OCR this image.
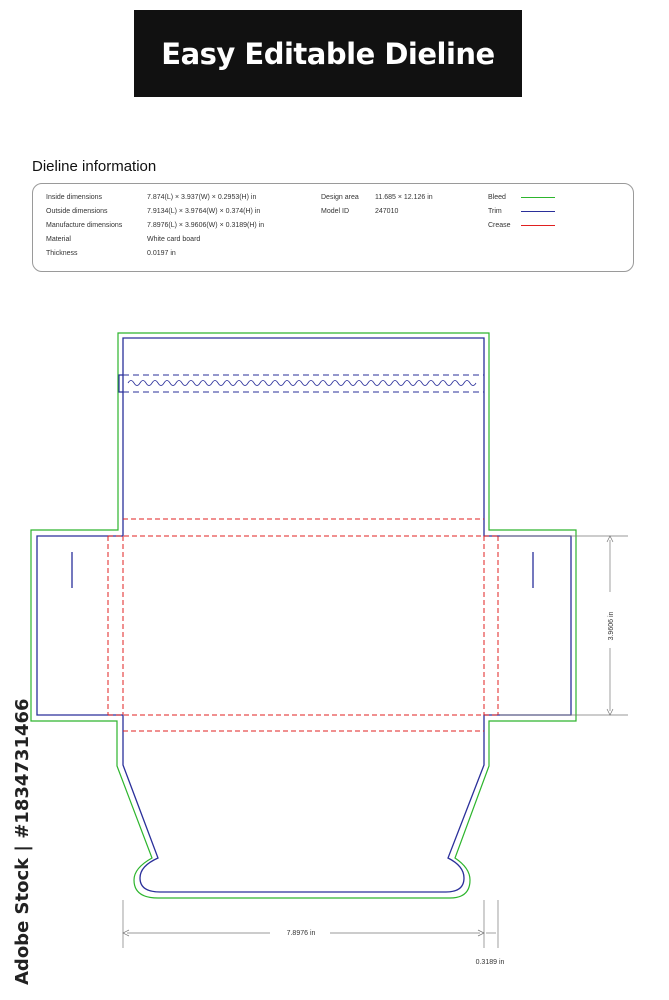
Easy Editable Dieline
Dieline information
Inside dimensions	7.874(L) × 3.937(W) × 0.2953(H) in
Outside dimensions	7.9134(L) × 3.9764(W) × 0.374(H) in
Manufacture dimensions	7.8976(L) × 3.9606(W) × 0.3189(H) in
Material	White card board
Thickness	0.0197 in
Design area 11.685 × 12.126 in
Model ID	247010
Bleed
Trim
Crease
3.9606 in
7.8976 in
0.3189 in
Adobe Stock | #1834731466
